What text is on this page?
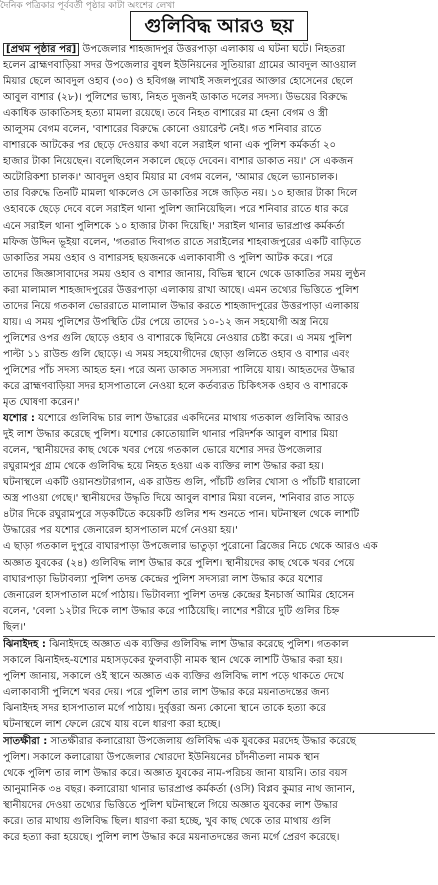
দৈনিক পত্রিকার পূর্ববর্তী পৃষ্ঠার কাটা অংশের লেখা
গুলিবিদ্ধ আরও ছয়
[প্রথম পৃষ্ঠার পর] উপজেলার শাহজাদপুর উত্তরপাড়া এলাকায় এ ঘটনা ঘটে। নিহতরা
হলেন ব্রাহ্মণবাড়িয়া সদর উপজেলার বুধল ইউনিয়নের সুতিয়ারা গ্রামের আবদুল আওয়াল
মিয়ার ছেলে আবদুল ওহাব (৩০) ও হবিগঞ্জ লাখাই সজলপুরের আক্তার হোসেনের ছেলে
আবুল বাশার (২৮)। পুলিশের ভাষ্য, নিহত দুজনই ডাকাত দলের সদস্য। উভয়ের বিরুদ্ধে
একাধিক ডাকাতিসহ হত্যা মামলা রয়েছে। তবে নিহত বাশারের মা হেনা বেগম ও স্ত্রী
আলুসম বেগম বলেন, 'বাশারের বিরুদ্ধে কোনো ওয়ারেন্ট নেই। গত শনিবার রাতে
বাশারকে আটকের পর ছেড়ে দেওয়ার কথা বলে সরাইল থানা এক পুলিশ কর্মকর্তা ২০
হাজার টাকা নিয়েছেন। বলেছিলেন সকালে ছেড়ে দেবেন। বাশার ডাকাত নয়।' সে একজন
অটোরিকশা চালক।' আবদুল ওহাব মিয়ার মা বেগম বলেন, 'আমার ছেলে ভ্যানচালক।
তার বিরুদ্ধে তিনটি মামলা থাকলেও সে ডাকাতির সঙ্গে জড়িত নয়। ১০ হাজার টাকা দিলে
ওহাবকে ছেড়ে দেবে বলে সরাইল থানা পুলিশ জানিয়েছিল। পরে শনিবার রাতে ধার করে
এনে সরাইল থানা পুলিশকে ১০ হাজার টাকা দিয়েছি।' সরাইল থানার ভারপ্রাপ্ত কর্মকর্তা
মফিজ উদ্দিন ভূইয়া বলেন, 'গতরাত দিবাগত রাতে সরাইলের শাহবাজপুরের একটি বাড়িতে
ডাকাতির সময় ওহাব ও বাশারসহ ছয়জনকে এলাকাবাসী ও পুলিশ আটক করে। পরে
তাদের জিজ্ঞাসাবাদের সময় ওহাব ও বাশার জানায়, বিভিন্ন স্থানে থেকে ডাকাতির সময় লুণ্ঠন
করা মালামাল শাহজাদপুরের উত্তরপাড়া এলাকায় রাখা আছে। এমন তথ্যের ভিত্তিতে পুলিশ
তাদের নিয়ে গতকাল ভোররাতে মালামাল উদ্ধার করতে শাহজাদপুরের উত্তরপাড়া এলাকায়
যায়। এ সময় পুলিশের উপস্থিতি টের পেয়ে তাদের ১০-১২ জন সহযোগী অস্ত্র নিয়ে
পুলিশের ওপর গুলি ছোড়ে ওহাব ও বাশারকে ছিনিয়ে নেওয়ার চেষ্টা করে। এ সময় পুলিশ
পাল্টা ১১ রাউন্ড গুলি ছোড়ে। এ সময় সহযোগীদের ছোড়া গুলিতে ওহাব ও বাশার এবং
পুলিশের পাঁচ সদস্য আহত হন। পরে অন্য ডাকাত সদস্যরা পালিয়ে যায়। আহতদের উদ্ধার
করে ব্রাহ্মণবাড়িয়া সদর হাসপাতালে নেওয়া হলে কর্তব্যরত চিকিৎসক ওহাব ও বাশারকে
মৃত ঘোষণা করেন।'
যশোর : যশোরে গুলিবিদ্ধ চার লাশ উদ্ধারের একদিনের মাথায় গতকাল গুলিবিদ্ধ আরও
দুই লাশ উদ্ধার করেছে পুলিশ। যশোর কোতোয়ালি থানার পরিদর্শক আবুল বাশার মিয়া
বলেন, 'স্থানীয়দের কাছ থেকে খবর পেয়ে গতকাল ভোরে যশোর সদর উপজেলার
রঘুরামপুর গ্রাম থেকে গুলিবিদ্ধ হয়ে নিহত হওয়া এক ব্যক্তির লাশ উদ্ধার করা হয়।
ঘটনাস্থলে একটি ওয়ানশুটারগান, এক রাউন্ড গুলি, পাঁচটি গুলির খোসা ও পাঁচটি ধারালো
অস্ত্র পাওয়া গেছে।' স্থানীয়দের উদ্ধৃতি দিয়ে আবুল বাশার মিয়া বলেন, 'শনিবার রাত সাড়ে
৪টার দিকে রঘুরামপুরে সড়কটিতে কয়েকটি গুলির শব্দ শুনতে পান। ঘটনাস্থল থেকে লাশটি
উদ্ধারের পর যশোর জেনারেল হাসপাতাল মর্গে নেওয়া হয়।'
এ ছাড়া গতকাল দুপুরে বাঘারপাড়া উপজেলার ভাতুড়া পুরোনো ব্রিজের নিচে থেকে আরও এক
অজ্ঞাত যুবকের (২৪) গুলিবিদ্ধ লাশ উদ্ধার করে পুলিশ। স্থানীয়দের কাছ থেকে খবর পেয়ে
বাঘারপাড়া ভিটাবল্যা পুলিশ তদন্ত কেন্দ্রের পুলিশ সদস্যরা লাশ উদ্ধার করে যশোর
জেনারেল হাসপাতাল মর্গে পাঠায়। ভিটাবল্যা পুলিশ তদন্ত কেন্দ্রের ইনচার্জ আমির হোসেন
বলেন, 'বেলা ১২টার দিকে লাশ উদ্ধার করে পাঠিয়েছি। লাশের শরীরে দুটি গুলির চিহ্ন
ছিল।'
ঝিনাইদহ : ঝিনাইদহে অজ্ঞাত এক ব্যক্তির গুলিবিদ্ধ লাশ উদ্ধার করেছে পুলিশ। গতকাল
সকালে ঝিনাইদহ-যশোর মহাসড়কের ফুলবাড়ী নামক স্থান থেকে লাশটি উদ্ধার করা হয়।
পুলিশ জানায়, সকালে ওই স্থানে অজ্ঞাত এক ব্যক্তির গুলিবিদ্ধ লাশ পড়ে থাকতে দেখে
এলাকাবাসী পুলিশে খবর দেয়। পরে পুলিশ তার লাশ উদ্ধার করে ময়নাতদন্তের জন্য
ঝিনাইদহ সদর হাসপাতাল মর্গে পাঠায়। দুর্বৃত্তরা অন্য কোনো স্থানে তাকে হত্যা করে
ঘটনাস্থলে লাশ ফেলে রেখে যায় বলে ধারণা করা হচ্ছে।
সাতক্ষীরা : সাতক্ষীরার কলারোয়া উপজেলায় গুলিবিদ্ধ এক যুবকের মরদেহ উদ্ধার করেছে
পুলিশ। সকালে কলারোয়া উপজেলার খোরদো ইউনিয়নের চাঁদনীতলা নামক স্থান
থেকে পুলিশ তার লাশ উদ্ধার করে। অজ্ঞাত যুবকের নাম-পরিচয় জানা যায়নি। তার বয়স
আনুমানিক ৩৪ বছর। কলারোয়া থানার ভারপ্রাপ্ত কর্মকর্তা (ওসি) বিপ্লব কুমার নাথ জানান,
স্থানীয়দের দেওয়া তথ্যের ভিত্তিতে পুলিশ ঘটনাস্থলে গিয়ে অজ্ঞাত যুবকের লাশ উদ্ধার
করে। তার মাথায় গুলিবিদ্ধ ছিল। ধারণা করা হচ্ছে, খুব কাছ থেকে তার মাথায় গুলি
করে হত্যা করা হয়েছে। পুলিশ লাশ উদ্ধার করে ময়নাতদন্তের জন্য মর্গে প্রেরণ করেছে।
